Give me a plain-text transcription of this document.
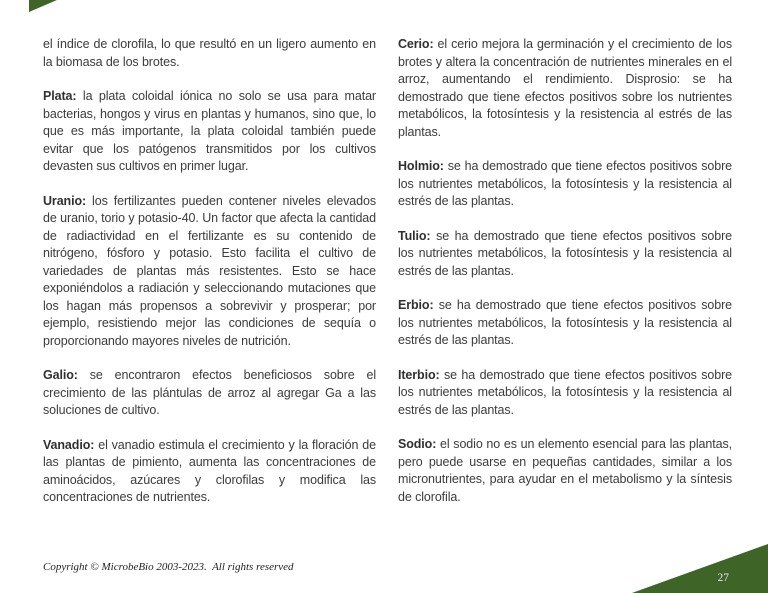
el índice de clorofila, lo que resultó en un ligero aumento en la biomasa de los brotes.

Plata: la plata coloidal iónica no solo se usa para matar bacterias, hongos y virus en plantas y humanos, sino que, lo que es más importante, la plata coloidal también puede evitar que los patógenos transmitidos por los cultivos devasten sus cultivos en primer lugar.

Uranio: los fertilizantes pueden contener niveles elevados de uranio, torio y potasio-40. Un factor que afecta la cantidad de radiactividad en el fertilizante es su contenido de nitrógeno, fósforo y potasio. Esto facilita el cultivo de variedades de plantas más resistentes. Esto se hace exponiéndolos a radiación y seleccionando mutaciones que los hagan más propensos a sobrevivir y prosperar; por ejemplo, resistiendo mejor las condiciones de sequía o proporcionando mayores niveles de nutrición.

Galio: se encontraron efectos beneficiosos sobre el crecimiento de las plántulas de arroz al agregar Ga a las soluciones de cultivo.

Vanadio: el vanadio estimula el crecimiento y la floración de las plantas de pimiento, aumenta las concentraciones de aminoácidos, azúcares y clorofilas y modifica las concentraciones de nutrientes.

Cerio: el cerio mejora la germinación y el crecimiento de los brotes y altera la concentración de nutrientes minerales en el arroz, aumentando el rendimiento. Disprosio: se ha demostrado que tiene efectos positivos sobre los nutrientes metabólicos, la fotosíntesis y la resistencia al estrés de las plantas.

Holmio: se ha demostrado que tiene efectos positivos sobre los nutrientes metabólicos, la fotosíntesis y la resistencia al estrés de las plantas.

Tulio: se ha demostrado que tiene efectos positivos sobre los nutrientes metabólicos, la fotosíntesis y la resistencia al estrés de las plantas.

Erbio: se ha demostrado que tiene efectos positivos sobre los nutrientes metabólicos, la fotosíntesis y la resistencia al estrés de las plantas.

Iterbio: se ha demostrado que tiene efectos positivos sobre los nutrientes metabólicos, la fotosíntesis y la resistencia al estrés de las plantas.

Sodio: el sodio no es un elemento esencial para las plantas, pero puede usarse en pequeñas cantidades, similar a los micronutrientes, para ayudar en el metabolismo y la síntesis de clorofila.

Copyright © MicrobeBio 2003-2023.  All rights reserved
27
